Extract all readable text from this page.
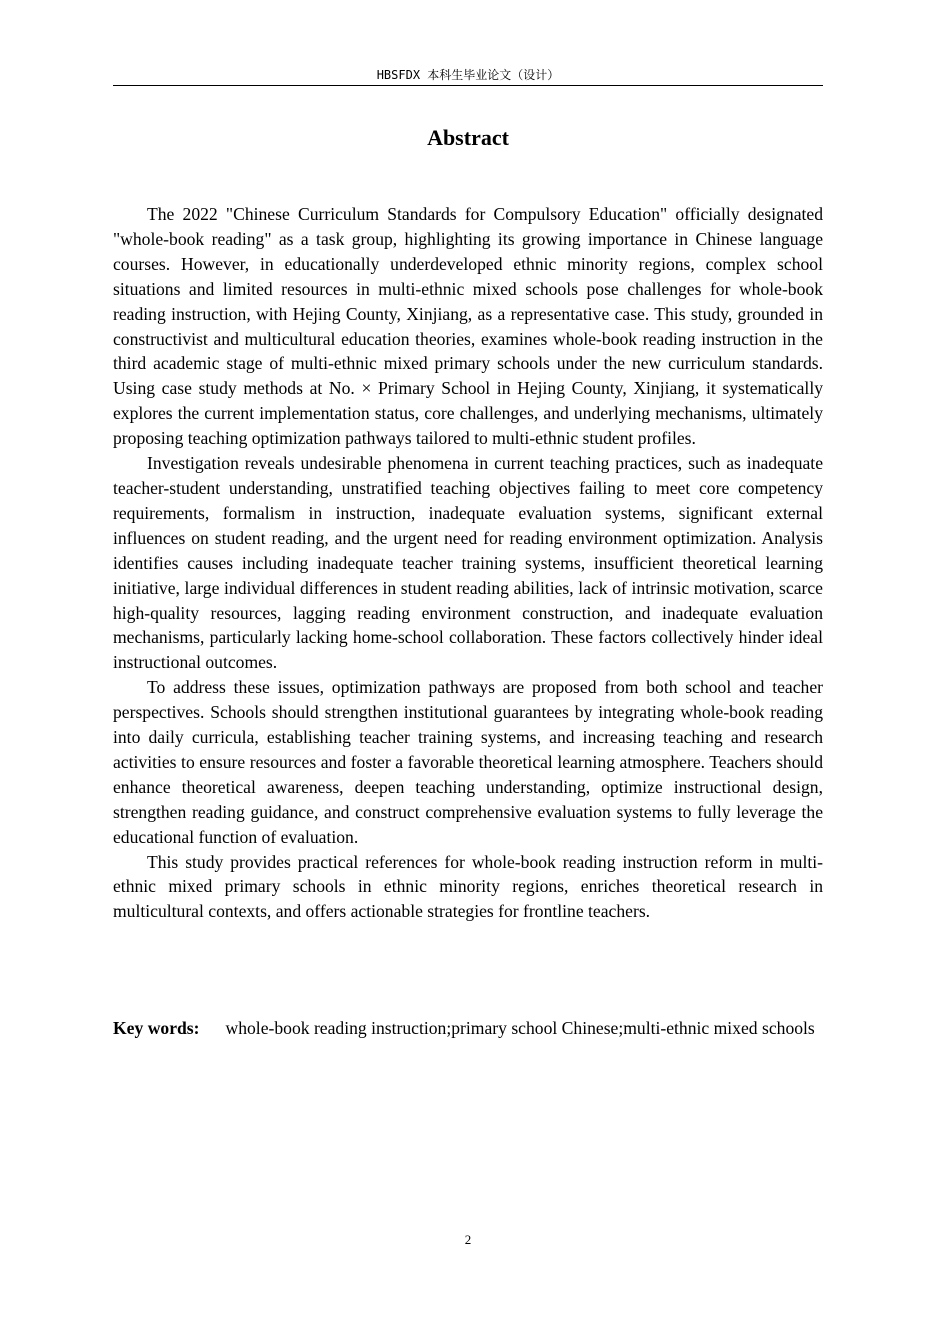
HBSFDX 本科生毕业论文（设计）
Abstract

The 2022 "Chinese Curriculum Standards for Compulsory Education" officially designated "whole-book reading" as a task group, highlighting its growing importance in Chinese language courses. However, in educationally underdeveloped ethnic minority regions, complex school situations and limited resources in multi-ethnic mixed schools pose challenges for whole-book reading instruction, with Hejing County, Xinjiang, as a representative case. This study, grounded in constructivist and multicultural education theories, examines whole-book reading instruction in the third academic stage of multi-ethnic mixed primary schools under the new curriculum standards. Using case study methods at No. × Primary School in Hejing County, Xinjiang, it systematically explores the current implementation status, core challenges, and underlying mechanisms, ultimately proposing teaching optimization pathways tailored to multi-ethnic student profiles.

Investigation reveals undesirable phenomena in current teaching practices, such as inadequate teacher-student understanding, unstratified teaching objectives failing to meet core competency requirements, formalism in instruction, inadequate evaluation systems, significant external influences on student reading, and the urgent need for reading environment optimization. Analysis identifies causes including inadequate teacher training systems, insufficient theoretical learning initiative, large individual differences in student reading abilities, lack of intrinsic motivation, scarce high-quality resources, lagging reading environment construction, and inadequate evaluation mechanisms, particularly lacking home-school collaboration. These factors collectively hinder ideal instructional outcomes.

To address these issues, optimization pathways are proposed from both school and teacher perspectives. Schools should strengthen institutional guarantees by integrating whole-book reading into daily curricula, establishing teacher training systems, and increasing teaching and research activities to ensure resources and foster a favorable theoretical learning atmosphere. Teachers should enhance theoretical awareness, deepen teaching understanding, optimize instructional design, strengthen reading guidance, and construct comprehensive evaluation systems to fully leverage the educational function of evaluation.

This study provides practical references for whole-book reading instruction reform in multi-ethnic mixed primary schools in ethnic minority regions, enriches theoretical research in multicultural contexts, and offers actionable strategies for frontline teachers.

Key words: whole-book reading instruction;primary school Chinese;multi-ethnic mixed schools
2
